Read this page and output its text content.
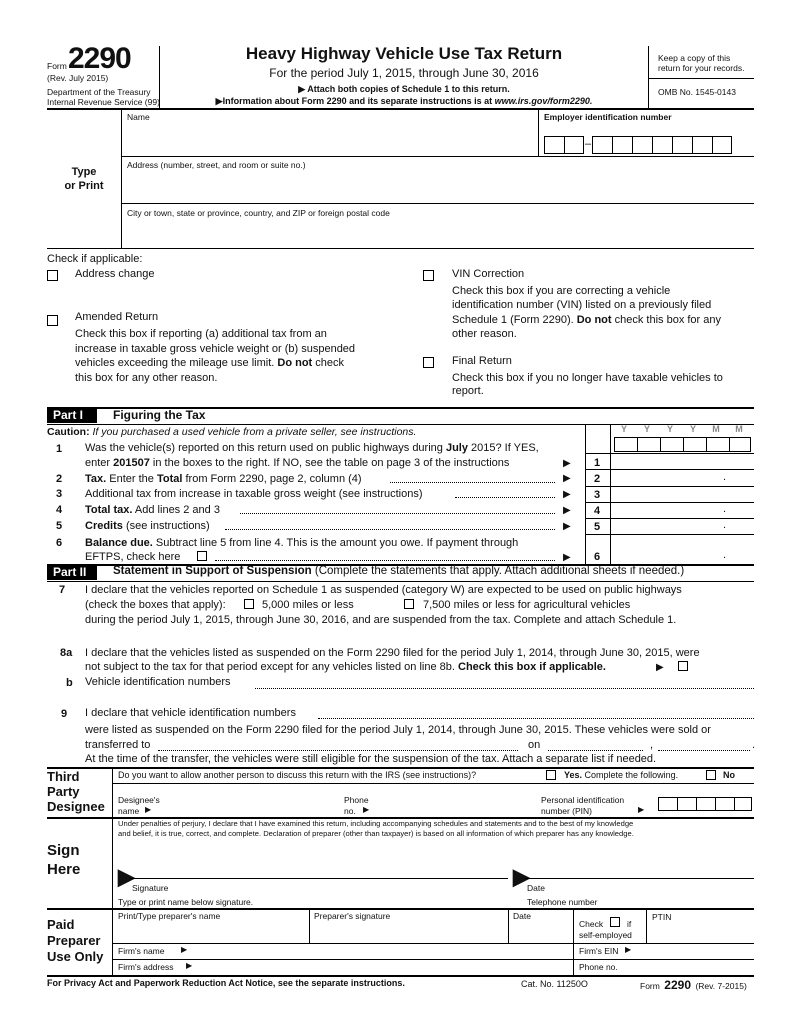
Form 2290
(Rev. July 2015)
Department of the Treasury
Internal Revenue Service (99)
Heavy Highway Vehicle Use Tax Return
For the period July 1, 2015, through June 30, 2016
▶ Attach both copies of Schedule 1 to this return.
▶Information about Form 2290 and its separate instructions is at www.irs.gov/form2290.
Keep a copy of this return for your records.
OMB No. 1545-0143
Type
or Print
Name	Employer identification number
–
Address (number, street, and room or suite no.)
City or town, state or province, country, and ZIP or foreign postal code
Check if applicable:
Address change
Amended Return
Check this box if reporting (a) additional tax from an
increase in taxable gross vehicle weight or (b) suspended
vehicles exceeding the mileage use limit. Do not check
this box for any other reason.
VIN Correction
Check this box if you are correcting a vehicle
identification number (VIN) listed on a previously filed
Schedule 1 (Form 2290). Do not check this box for any
other reason.
Final Return
Check this box if you no longer have taxable vehicles to
report.
Part I	Figuring the Tax
Caution: If you purchased a used vehicle from a private seller, see instructions.	Y	Y	Y	Y	M	M
1	Was the vehicle(s) reported on this return used on public highways during July 2015? If YES,
enter 201507 in the boxes to the right. If NO, see the table on page 3 of the instructions	▶	1
2	Tax. Enter the Total from Form 2290, page 2, column (4)	▶	2	.
3	Additional tax from increase in taxable gross weight (see instructions)	▶	3
4	Total tax. Add lines 2 and 3	▶	4	.
5	Credits (see instructions)	▶	5	.
6	Balance due. Subtract line 5 from line 4. This is the amount you owe. If payment through
EFTPS, check here	▶	6	.
Part II	Statement in Support of Suspension (Complete the statements that apply. Attach additional sheets if needed.)
7	I declare that the vehicles reported on Schedule 1 as suspended (category W) are expected to be used on public highways
(check the boxes that apply):	5,000 miles or less	7,500 miles or less for agricultural vehicles
during the period July 1, 2015, through June 30, 2016, and are suspended from the tax. Complete and attach Schedule 1.
8a I declare that the vehicles listed as suspended on the Form 2290 filed for the period July 1, 2014, through June 30, 2015, were
not subject to the tax for that period except for any vehicles listed on line 8b. Check this box if applicable.	▶
b Vehicle identification numbers
9	I declare that vehicle identification numbers
were listed as suspended on the Form 2290 filed for the period July 1, 2014, through June 30, 2015. These vehicles were sold or
transferred to	on	,	.
At the time of the transfer, the vehicles were still eligible for the suspension of the tax. Attach a separate list if needed.
Third
Party
Designee
Do you want to allow another person to discuss this return with the IRS (see instructions)?	Yes. Complete the following.	No
Designee's
name ▶
Phone
no. ▶
Personal identification
number (PIN)	▶
Sign
Here
Under penalties of perjury, I declare that I have examined this return, including accompanying schedules and statements and to the best of my knowledge
and belief, it is true, correct, and complete. Declaration of preparer (other than taxpayer) is based on all information of which preparer has any knowledge.
▶	▶
Signature	Date
Type or print name below signature.	Telephone number
Paid
Preparer
Use Only
Print/Type preparer's name	Preparer's signature	Date
Check	if
self-employed
PTIN
Firm's name ▶	Firm's EIN ▶
Firm's address ▶	Phone no.
For Privacy Act and Paperwork Reduction Act Notice, see the separate instructions.	Cat. No. 11250O	Form 2290 (Rev. 7-2015)
